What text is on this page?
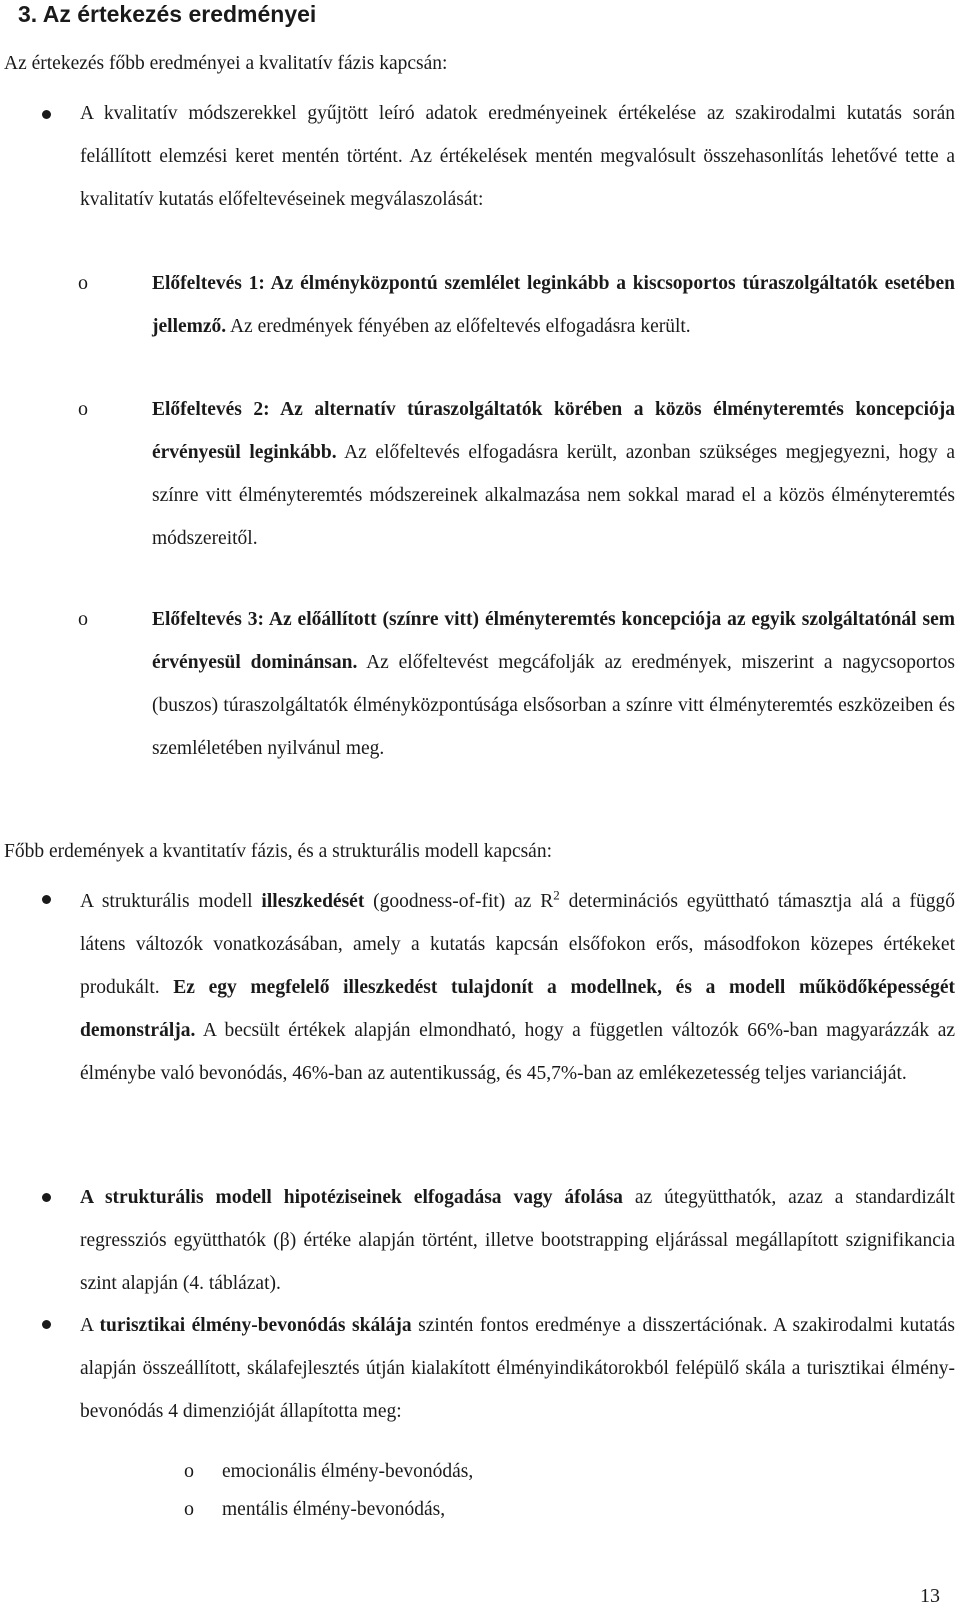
3. Az értekezés eredményei
Az értekezés főbb eredményei a kvalitatív fázis kapcsán:
A kvalitatív módszerekkel gyűjtött leíró adatok eredményeinek értékelése az szakirodalmi kutatás során felállított elemzési keret mentén történt. Az értékelések mentén megvalósult összehasonlítás lehetővé tette a kvalitatív kutatás előfeltevéseinek megválaszolását:
o	Előfeltevés 1: Az élményközpontú szemlélet leginkább a kiscsoportos túraszolgáltatók esetében jellemző. Az eredmények fényében az előfeltevés elfogadásra került.
o	Előfeltevés 2: Az alternatív túraszolgáltatók körében a közös élményteremtés koncepciója érvényesül leginkább. Az előfeltevés elfogadásra került, azonban szükséges megjegyezni, hogy a színre vitt élményteremtés módszereinek alkalmazása nem sokkal marad el a közös élményteremtés módszereitől.
o	Előfeltevés 3: Az előállított (színre vitt) élményteremtés koncepciója az egyik szolgáltatónál sem érvényesül dominánsan. Az előfeltevést megcáfolják az eredmények, miszerint a nagycsoportos (buszos) túraszolgáltatók élményközpontúsága elsősorban a színre vitt élményteremtés eszközeiben és szemléletében nyilvánul meg.
Főbb erdemények a kvantitatív fázis, és a strukturális modell kapcsán:
A strukturális modell illeszkedését (goodness-of-fit) az $R^2$ determinációs együttható támasztja alá a függő látens változók vonatkozásában, amely a kutatás kapcsán elsőfokon erős, másodfokon közepes értékeket produkált. Ez egy megfelelő illeszkedést tulajdonít a modellnek, és a modell működőképességét demonstrálja. A becsült értékek alapján elmondható, hogy a független változók 66%-ban magyarázzák az élménybe való bevonódás, 46%-ban az autentikusság, és 45,7%-ban az emlékezetesség teljes varianciáját.
A strukturális modell hipotéziseinek elfogadása vagy áfolása az útegyütthatók, azaz a standardizált regressziós együtthatók (β) értéke alapján történt, illetve bootstrapping eljárással megállapított szignifikancia szint alapján (4. táblázat).
A turisztikai élmény-bevonódás skálája szintén fontos eredménye a disszertációnak. A szakirodalmi kutatás alapján összeállított, skálafejlesztés útján kialakított élményindikátorokból felépülő skála a turisztikai élmény-bevonódás 4 dimenzióját állapította meg:
o emocionális élmény-bevonódás,
o mentális élmény-bevonódás,
13
